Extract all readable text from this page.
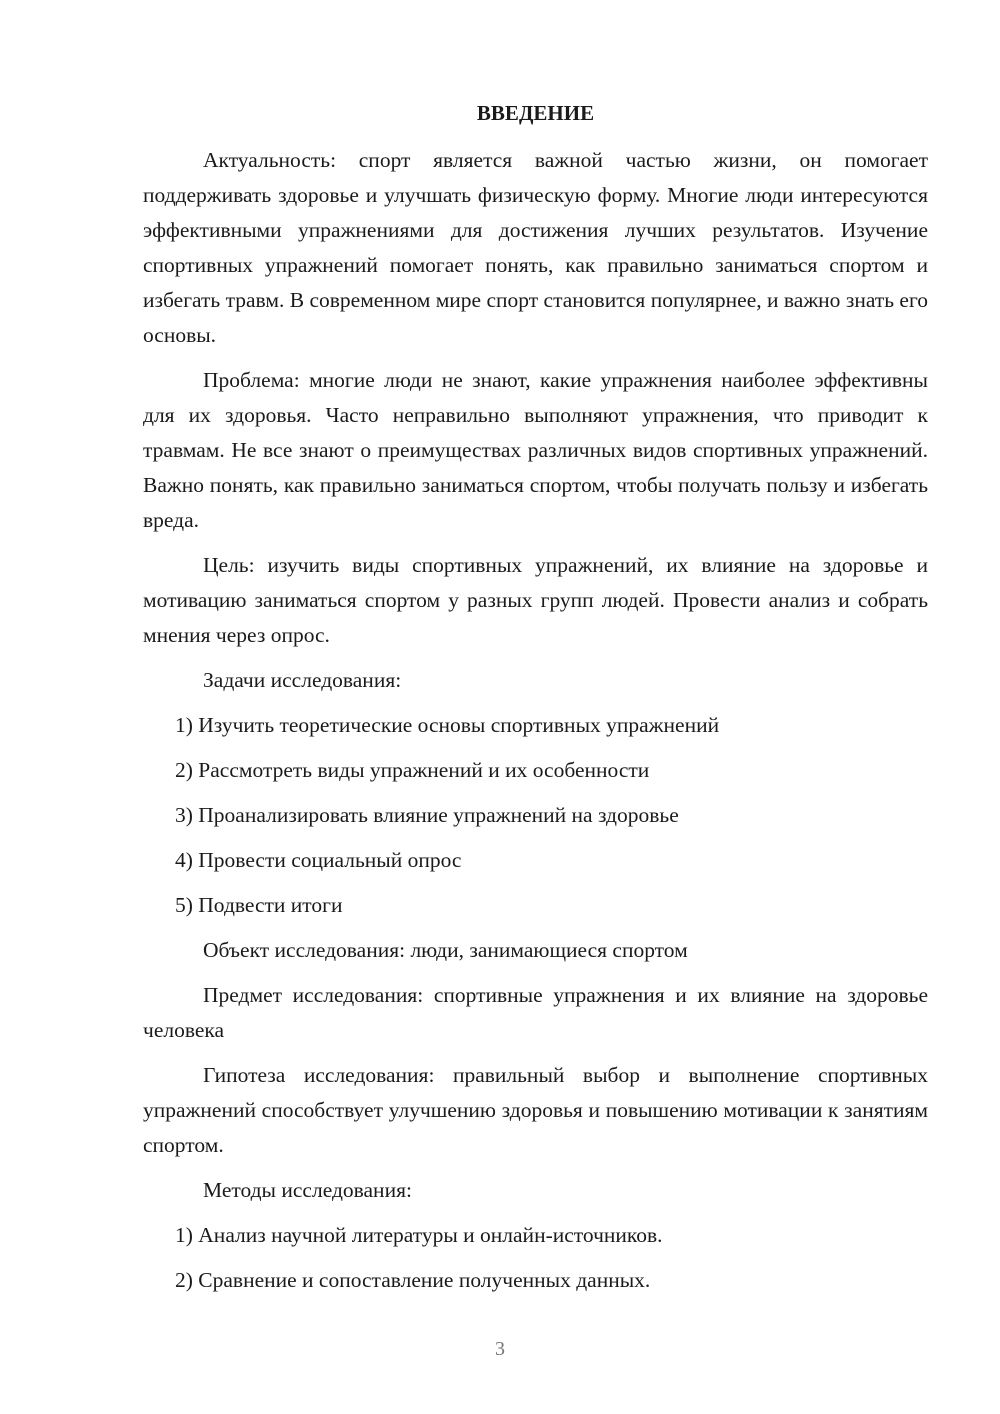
ВВЕДЕНИЕ
Актуальность: спорт является важной частью жизни, он помогает поддерживать здоровье и улучшать физическую форму. Многие люди интересуются эффективными упражнениями для достижения лучших результатов. Изучение спортивных упражнений помогает понять, как правильно заниматься спортом и избегать травм. В современном мире спорт становится популярнее, и важно знать его основы.
Проблема: многие люди не знают, какие упражнения наиболее эффективны для их здоровья. Часто неправильно выполняют упражнения, что приводит к травмам. Не все знают о преимуществах различных видов спортивных упражнений. Важно понять, как правильно заниматься спортом, чтобы получать пользу и избегать вреда.
Цель: изучить виды спортивных упражнений, их влияние на здоровье и мотивацию заниматься спортом у разных групп людей. Провести анализ и собрать мнения через опрос.
Задачи исследования:
1) Изучить теоретические основы спортивных упражнений
2) Рассмотреть виды упражнений и их особенности
3) Проанализировать влияние упражнений на здоровье
4) Провести социальный опрос
5) Подвести итоги
Объект исследования: люди, занимающиеся спортом
Предмет исследования: спортивные упражнения и их влияние на здоровье человека
Гипотеза исследования: правильный выбор и выполнение спортивных упражнений способствует улучшению здоровья и повышению мотивации к занятиям спортом.
Методы исследования:
1) Анализ научной литературы и онлайн-источников.
2) Сравнение и сопоставление полученных данных.
3
